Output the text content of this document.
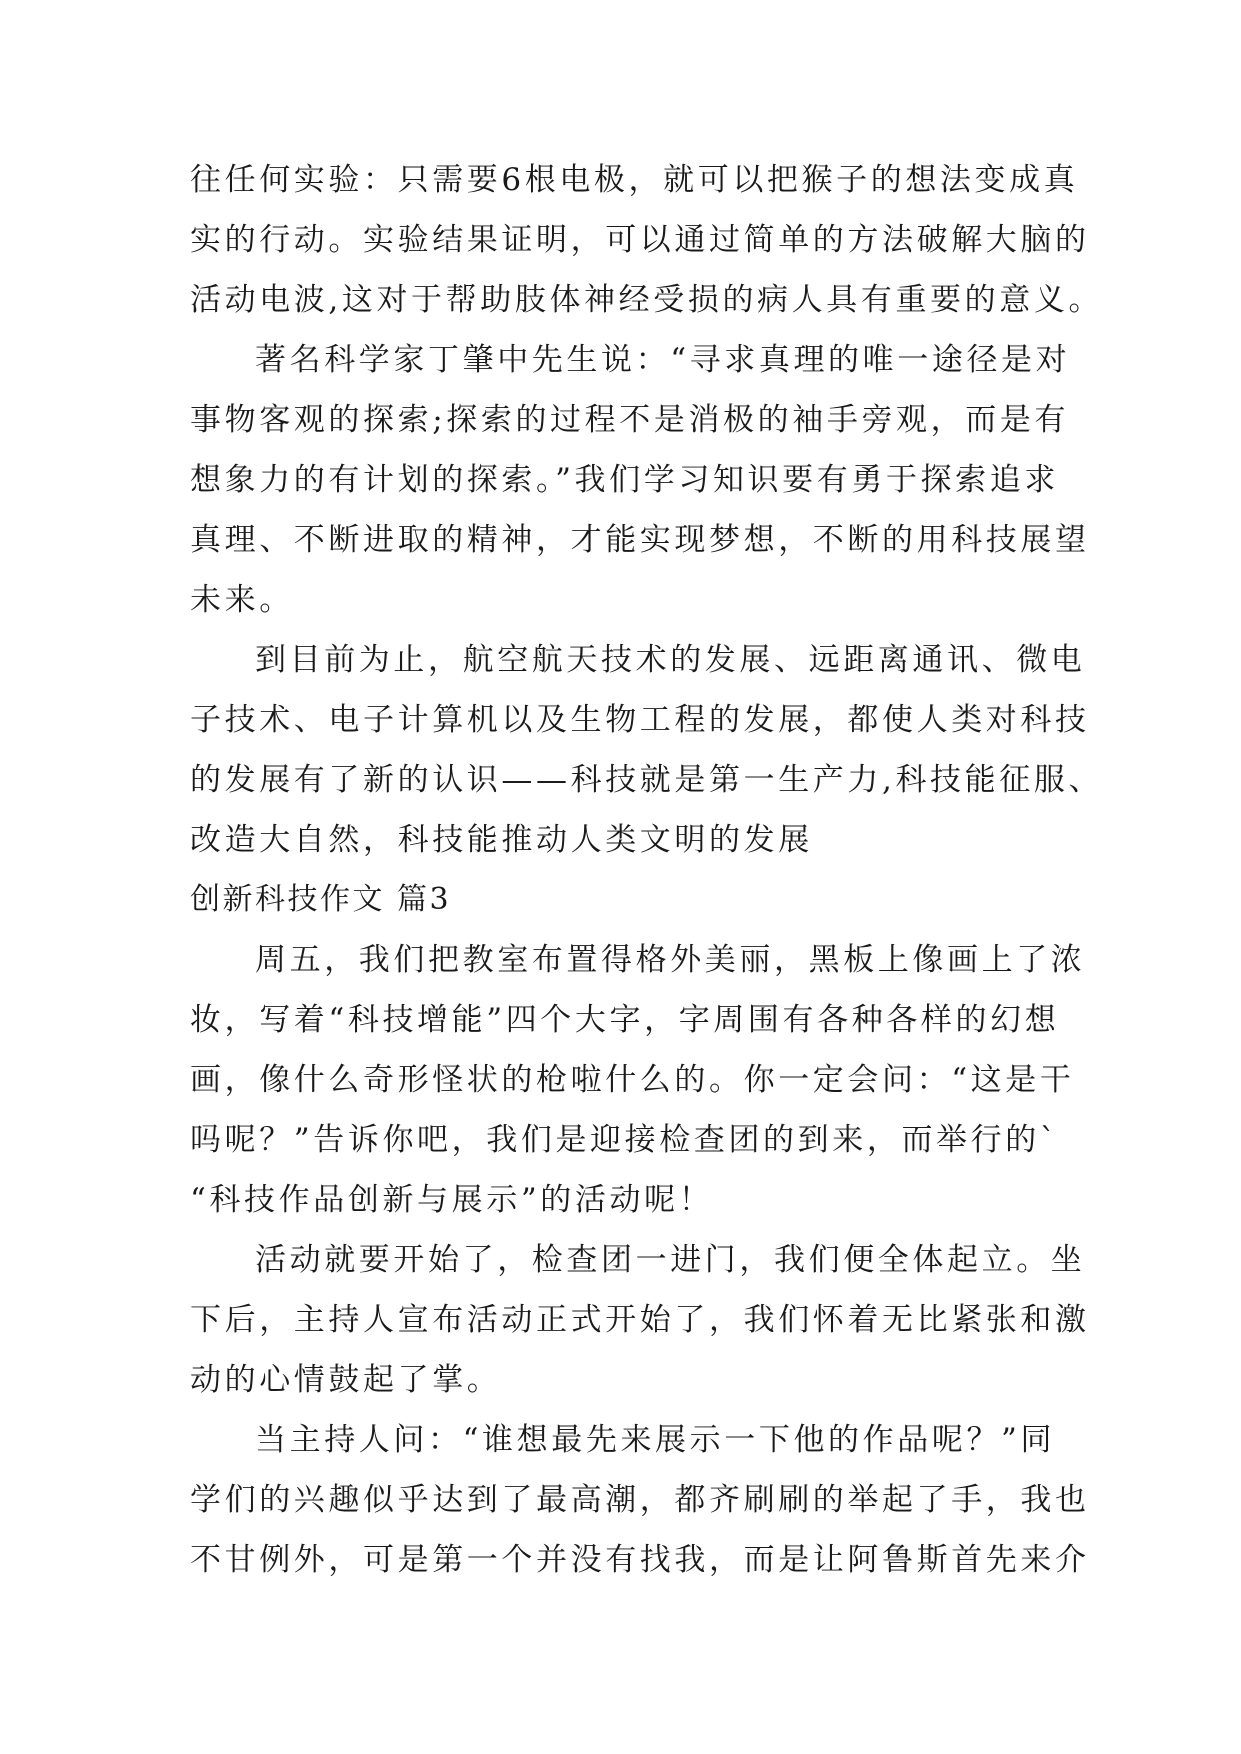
往任何实验：只需要6根电极，就可以把猴子的想法变成真
实的行动。实验结果证明，可以通过简单的方法破解大脑的
活动电波,这对于帮助肢体神经受损的病人具有重要的意义。
著名科学家丁肇中先生说：“寻求真理的唯一途径是对
事物客观的探索;探索的过程不是消极的袖手旁观，而是有
想象力的有计划的探索。”我们学习知识要有勇于探索追求
真理、不断进取的精神，才能实现梦想，不断的用科技展望
未来。
到目前为止，航空航天技术的发展、远距离通讯、微电
子技术、电子计算机以及生物工程的发展，都使人类对科技
的发展有了新的认识——科技就是第一生产力,科技能征服、
改造大自然，科技能推动人类文明的发展
创新科技作文 篇3
周五，我们把教室布置得格外美丽，黑板上像画上了浓
妆，写着“科技增能”四个大字，字周围有各种各样的幻想
画，像什么奇形怪状的枪啦什么的。你一定会问：“这是干
吗呢？”告诉你吧，我们是迎接检查团的到来，而举行的`
“科技作品创新与展示”的活动呢！
活动就要开始了，检查团一进门，我们便全体起立。坐
下后，主持人宣布活动正式开始了，我们怀着无比紧张和激
动的心情鼓起了掌。
当主持人问：“谁想最先来展示一下他的作品呢？”同
学们的兴趣似乎达到了最高潮，都齐刷刷的举起了手，我也
不甘例外，可是第一个并没有找我，而是让阿鲁斯首先来介
